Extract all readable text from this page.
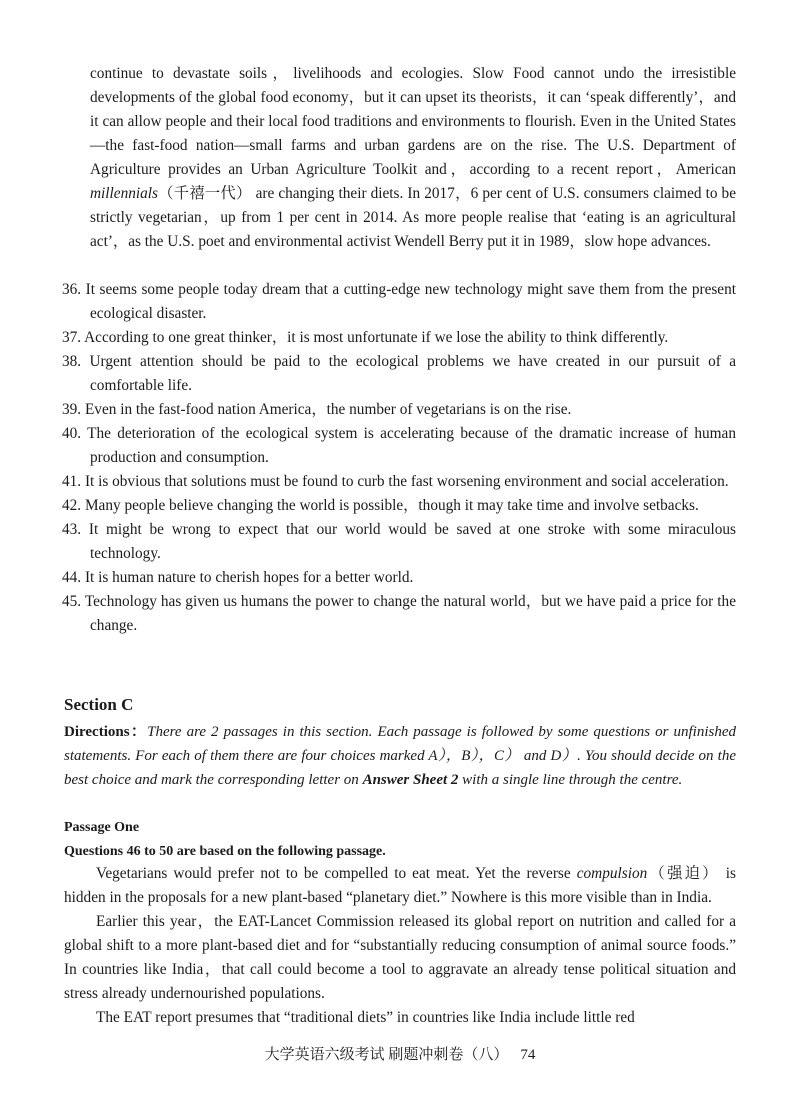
continue to devastate soils，livelihoods and ecologies. Slow Food cannot undo the irresistible developments of the global food economy，but it can upset its theorists，it can ‘speak differently’，and it can allow people and their local food traditions and environments to flourish. Even in the United States—the fast-food nation—small farms and urban gardens are on the rise. The U.S. Department of Agriculture provides an Urban Agriculture Toolkit and，according to a recent report，American millennials（千禧一代） are changing their diets. In 2017，6 per cent of U.S. consumers claimed to be strictly vegetarian，up from 1 per cent in 2014. As more people realise that ‘eating is an agricultural act’，as the U.S. poet and environmental activist Wendell Berry put it in 1989，slow hope advances.
36. It seems some people today dream that a cutting-edge new technology might save them from the present ecological disaster.
37. According to one great thinker，it is most unfortunate if we lose the ability to think differently.
38. Urgent attention should be paid to the ecological problems we have created in our pursuit of a comfortable life.
39. Even in the fast-food nation America，the number of vegetarians is on the rise.
40. The deterioration of the ecological system is accelerating because of the dramatic increase of human production and consumption.
41. It is obvious that solutions must be found to curb the fast worsening environment and social acceleration.
42. Many people believe changing the world is possible，though it may take time and involve setbacks.
43. It might be wrong to expect that our world would be saved at one stroke with some miraculous technology.
44. It is human nature to cherish hopes for a better world.
45. Technology has given us humans the power to change the natural world，but we have paid a price for the change.
Section C
Directions：There are 2 passages in this section. Each passage is followed by some questions or unfinished statements. For each of them there are four choices marked A），B），C） and D）. You should decide on the best choice and mark the corresponding letter on Answer Sheet 2 with a single line through the centre.
Passage One
Questions 46 to 50 are based on the following passage.

Vegetarians would prefer not to be compelled to eat meat. Yet the reverse compulsion（强迫） is hidden in the proposals for a new plant-based “planetary diet.” Nowhere is this more visible than in India.

Earlier this year，the EAT-Lancet Commission released its global report on nutrition and called for a global shift to a more plant-based diet and for “substantially reducing consumption of animal source foods.” In countries like India，that call could become a tool to aggravate an already tense political situation and stress already undernourished populations.

The EAT report presumes that “traditional diets” in countries like India include little red

大学英语六级考试 刷题冲刺卷（八） 74
